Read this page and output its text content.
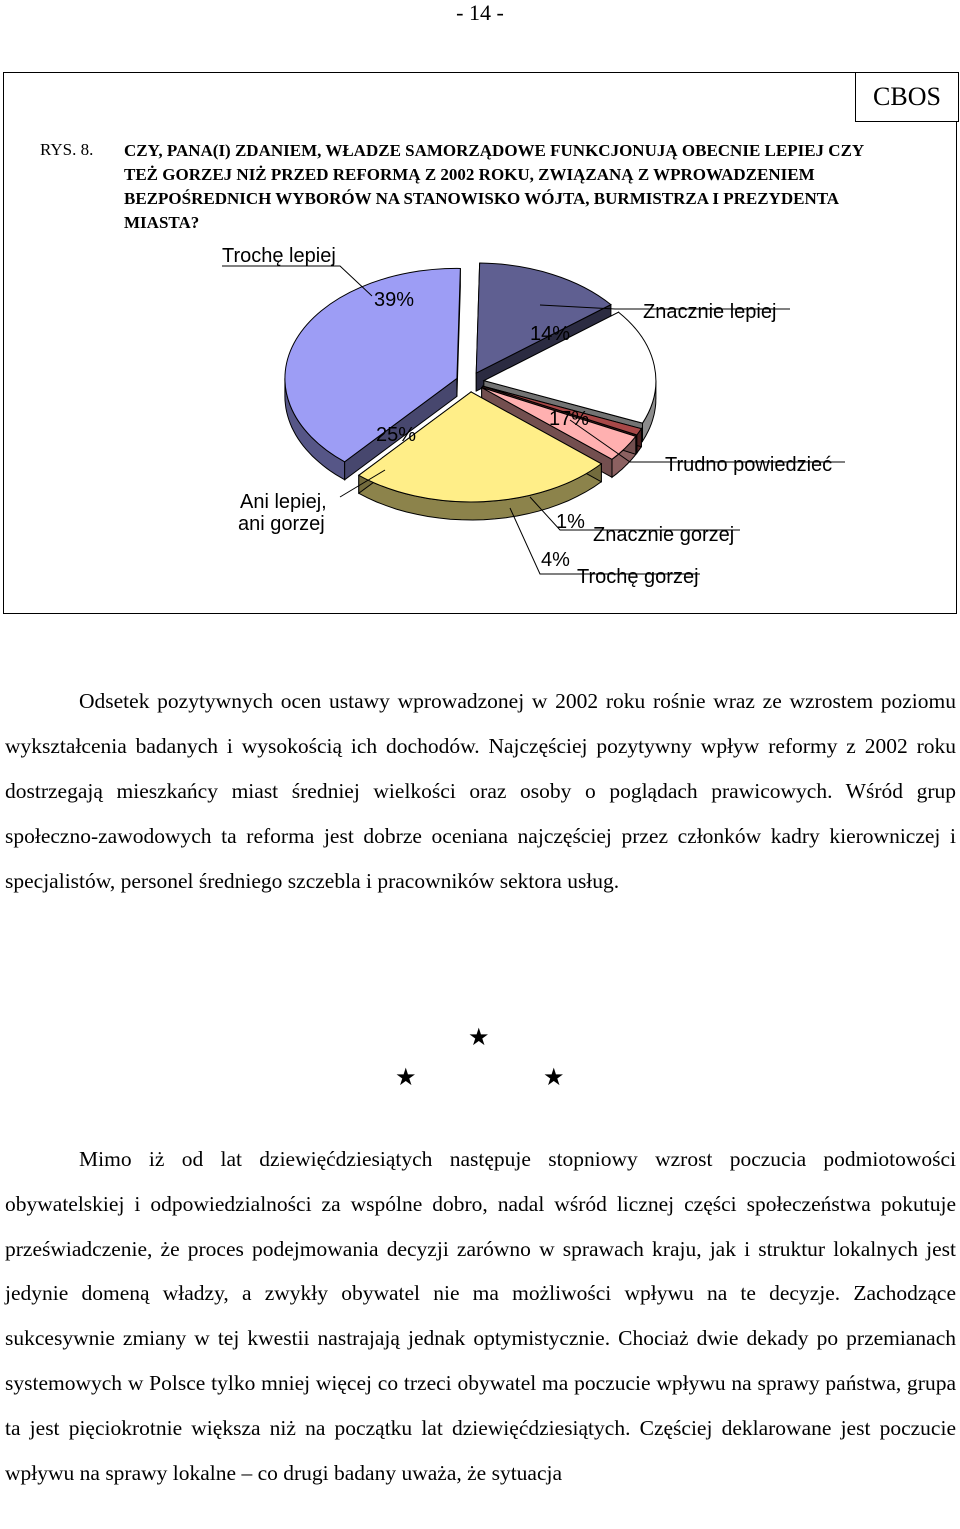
- 14 -
CBOS
RYS. 8. CZY, PANA(I) ZDANIEM, WŁADZE SAMORZĄDOWE FUNKCJONUJĄ OBECNIE LEPIEJ CZY TEŻ GORZEJ NIŻ PRZED REFORMĄ Z 2002 ROKU, ZWIĄZANĄ Z WPROWADZENIEM BEZPOŚREDNICH WYBORÓW NA STANOWISKO WÓJTA, BURMISTRZA I PREZYDENTA MIASTA?
Trochę lepiej
39%
14%
Znacznie lepiej
17%
Trudno powiedzieć
25%
Ani lepiej,
ani gorzej	1%
Znacznie gorzej
4%
Trochę gorzej

Odsetek pozytywnych ocen ustawy wprowadzonej w 2002 roku rośnie wraz ze wzrostem poziomu wykształcenia badanych i wysokością ich dochodów. Najczęściej pozytywny wpływ reformy z 2002 roku dostrzegają mieszkańcy miast średniej wielkości oraz osoby o poglądach prawicowych. Wśród grup społeczno-zawodowych ta reforma jest dobrze oceniana najczęściej przez członków kadry kierowniczej i specjalistów, personel średniego szczebla i pracowników sektora usług.

★
★	★

Mimo iż od lat dziewięćdziesiątych następuje stopniowy wzrost poczucia podmiotowości obywatelskiej i odpowiedzialności za wspólne dobro, nadal wśród licznej części społeczeństwa pokutuje przeświadczenie, że proces podejmowania decyzji zarówno w sprawach kraju, jak i struktur lokalnych jest jedynie domeną władzy, a zwykły obywatel nie ma możliwości wpływu na te decyzje. Zachodzące sukcesywnie zmiany w tej kwestii nastrajają jednak optymistycznie. Chociaż dwie dekady po przemianach systemowych w Polsce tylko mniej więcej co trzeci obywatel ma poczucie wpływu na sprawy państwa, grupa ta jest pięciokrotnie większa niż na początku lat dziewięćdziesiątych. Częściej deklarowane jest poczucie wpływu na sprawy lokalne – co drugi badany uważa, że sytuacja
